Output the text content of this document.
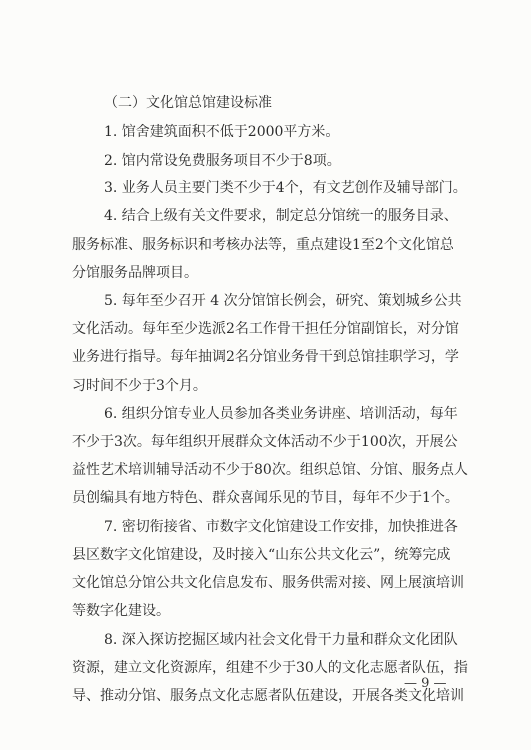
（二）文化馆总馆建设标准
1. 馆舍建筑面积不低于2000平方米。
2. 馆内常设免费服务项目不少于8项。
3. 业务人员主要门类不少于4个，有文艺创作及辅导部门。
4. 结合上级有关文件要求，制定总分馆统一的服务目录、
服务标准、服务标识和考核办法等，重点建设1至2个文化馆总
分馆服务品牌项目。
5. 每年至少召开 4 次分馆馆长例会，研究、策划城乡公共
文化活动。每年至少选派2名工作骨干担任分馆副馆长，对分馆
业务进行指导。每年抽调2名分馆业务骨干到总馆挂职学习，学
习时间不少于3个月。
6. 组织分馆专业人员参加各类业务讲座、培训活动，每年
不少于3次。每年组织开展群众文体活动不少于100次，开展公
益性艺术培训辅导活动不少于80次。组织总馆、分馆、服务点人
员创编具有地方特色、群众喜闻乐见的节目，每年不少于1个。
7. 密切衔接省、市数字文化馆建设工作安排，加快推进各
县区数字文化馆建设，及时接入“山东公共文化云”，统筹完成
文化馆总分馆公共文化信息发布、服务供需对接、网上展演培训
等数字化建设。
8. 深入探访挖掘区域内社会文化骨干力量和群众文化团队
资源，建立文化资源库，组建不少于30人的文化志愿者队伍，指
导、推动分馆、服务点文化志愿者队伍建设，开展各类文化培训
— 9 —
